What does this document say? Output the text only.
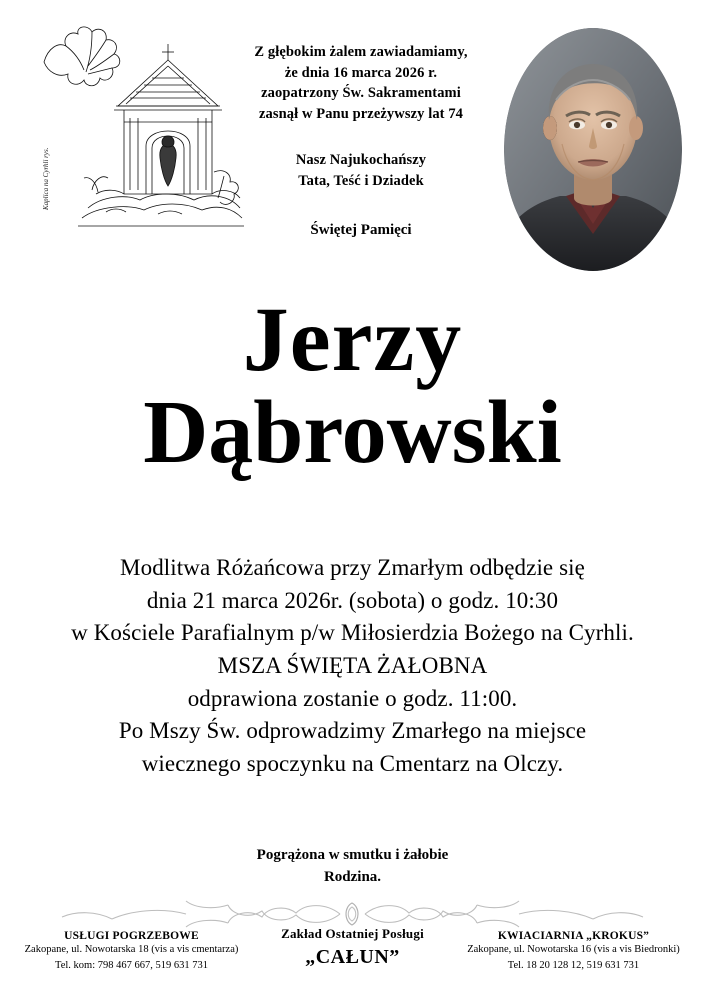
Kaplica na Cyrhli rys.
Z głębokim żalem zawiadamiamy,
że dnia 16 marca 2026 r.
zaopatrzony Św. Sakramentami
zasnął w Panu przeżywszy lat 74
Nasz Najukochańszy
Tata, Teść i Dziadek
Świętej Pamięci
Jerzy
Dąbrowski
Modlitwa Różańcowa przy Zmarłym odbędzie się
dnia 21 marca 2026r. (sobota) o godz. 10:30
w Kościele Parafialnym p/w Miłosierdzia Bożego na Cyrhli.
MSZA ŚWIĘTA ŻAŁOBNA
odprawiona zostanie o godz. 11:00.
Po Mszy Św. odprowadzimy Zmarłego na miejsce
wiecznego spoczynku na Cmentarz na Olczy.
Pogrążona w smutku i żałobie
Rodzina.
USŁUGI POGRZEBOWE
Zakopane, ul. Nowotarska 18 (vis a vis cmentarza)
Tel. kom: 798 467 667, 519 631 731
Zakład Ostatniej Posługi
„CAŁUN”
KWIACIARNIA „KROKUS”
Zakopane, ul. Nowotarska 16 (vis a vis Biedronki)
Tel. 18 20 128 12, 519 631 731
